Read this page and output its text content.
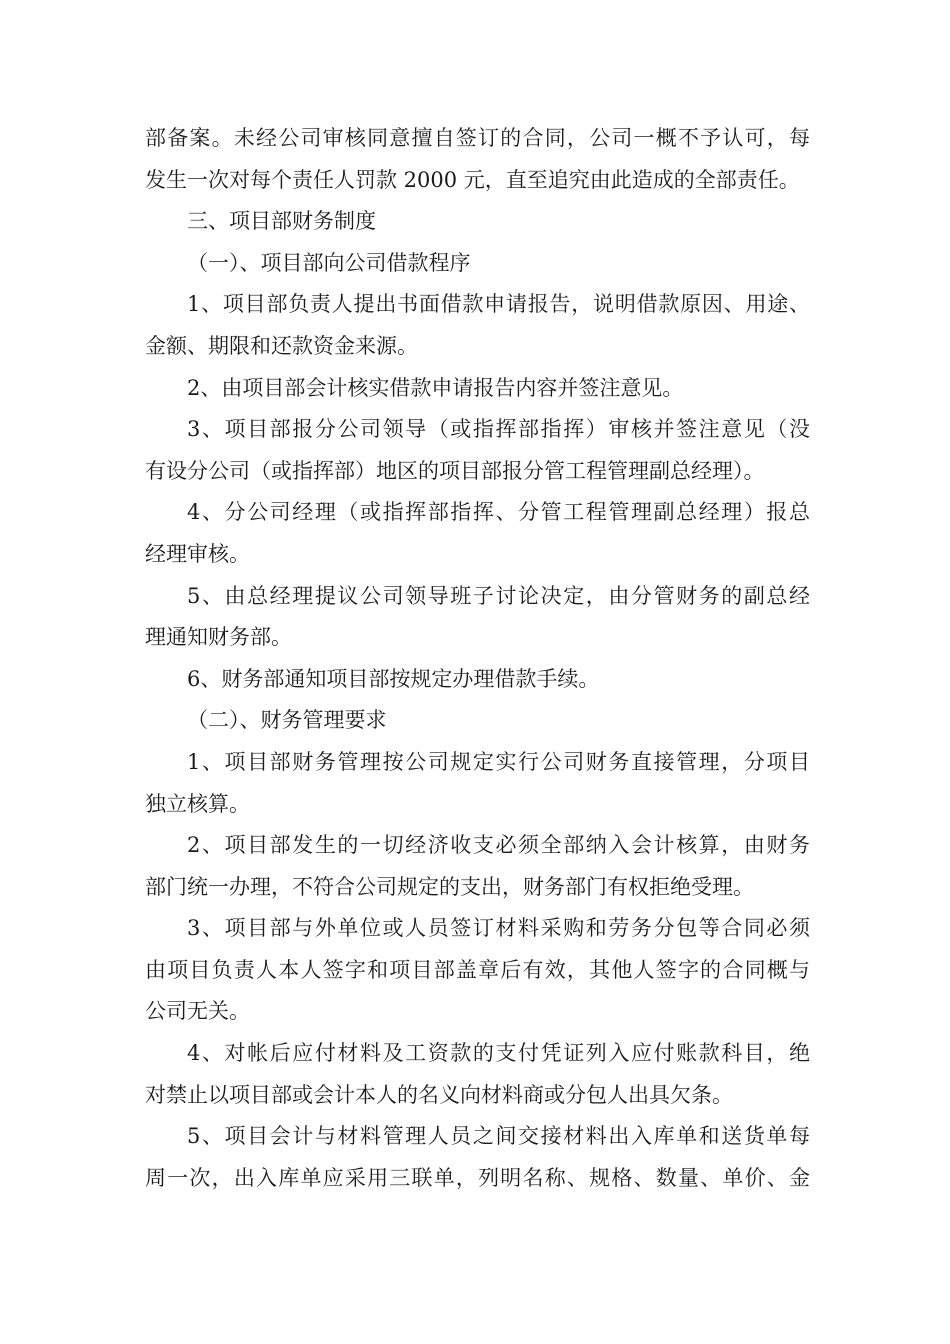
部备案。未经公司审核同意擅自签订的合同，公司一概不予认可，每
发生一次对每个责任人罚款 2000 元，直至追究由此造成的全部责任。
三、项目部财务制度
（一）、项目部向公司借款程序
1、项目部负责人提出书面借款申请报告，说明借款原因、用途、
金额、期限和还款资金来源。
2、由项目部会计核实借款申请报告内容并签注意见。
3、项目部报分公司领导（或指挥部指挥）审核并签注意见（没
有设分公司（或指挥部）地区的项目部报分管工程管理副总经理）。
4、分公司经理（或指挥部指挥、分管工程管理副总经理）报总
经理审核。
5、由总经理提议公司领导班子讨论决定，由分管财务的副总经
理通知财务部。
6、财务部通知项目部按规定办理借款手续。
（二）、财务管理要求
1、项目部财务管理按公司规定实行公司财务直接管理，分项目
独立核算。
2、项目部发生的一切经济收支必须全部纳入会计核算，由财务
部门统一办理，不符合公司规定的支出，财务部门有权拒绝受理。
3、项目部与外单位或人员签订材料采购和劳务分包等合同必须
由项目负责人本人签字和项目部盖章后有效，其他人签字的合同概与
公司无关。
4、对帐后应付材料及工资款的支付凭证列入应付账款科目，绝
对禁止以项目部或会计本人的名义向材料商或分包人出具欠条。
5、项目会计与材料管理人员之间交接材料出入库单和送货单每
周一次，出入库单应采用三联单，列明名称、规格、数量、单价、金
